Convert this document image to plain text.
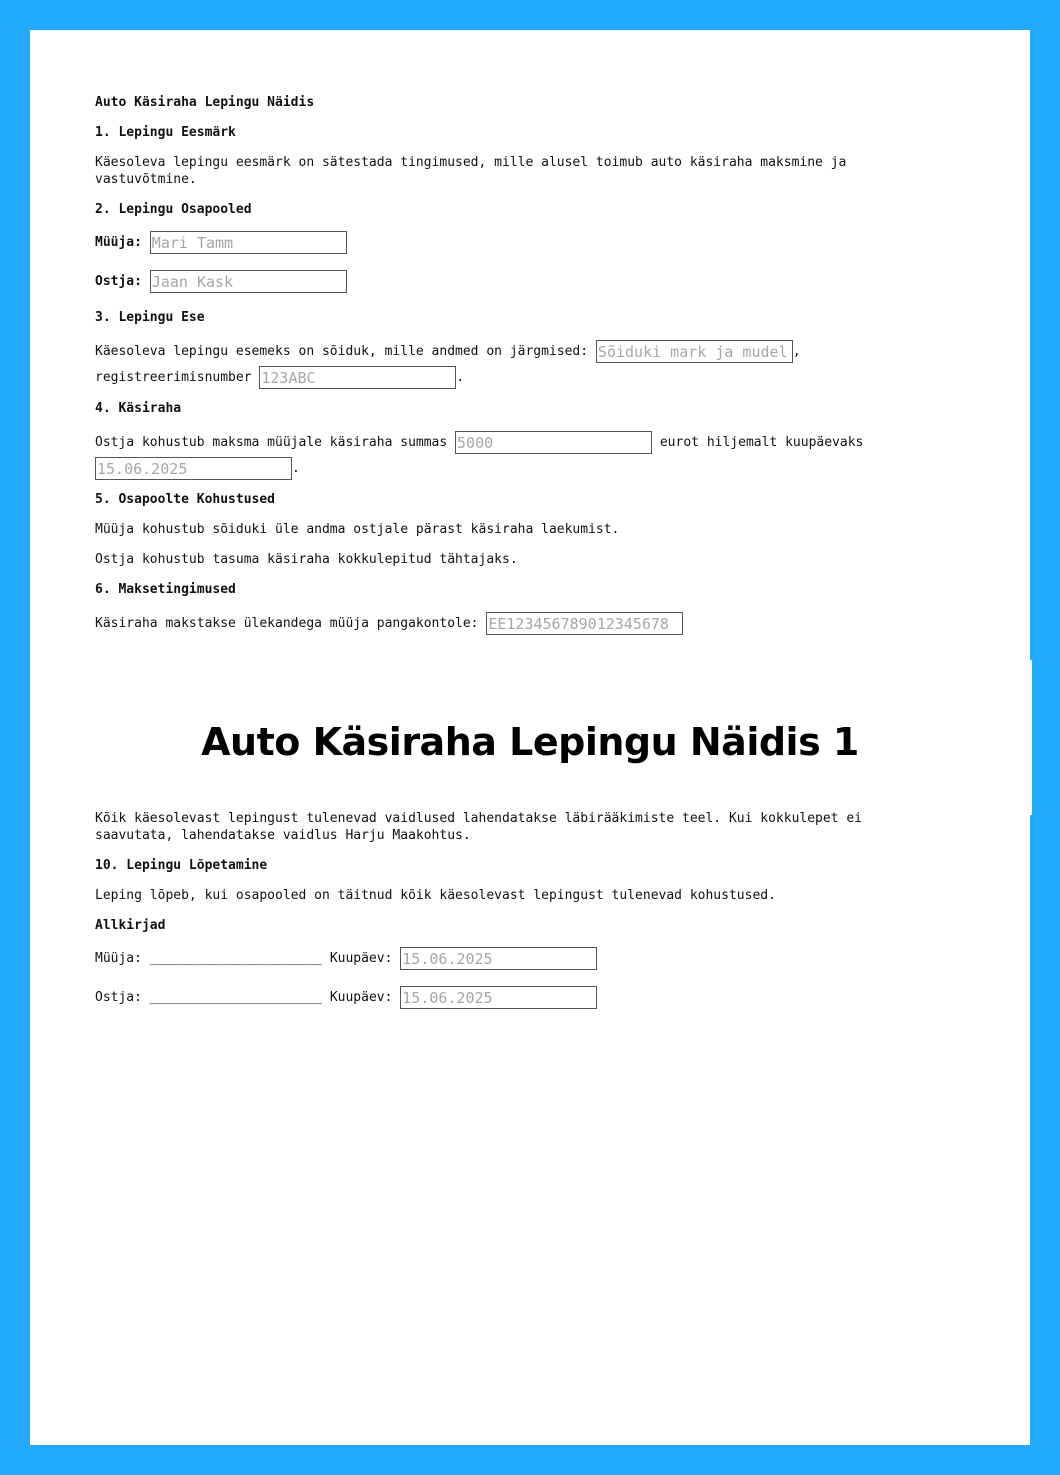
Auto Käsiraha Lepingu Näidis

1. Lepingu Eesmärk

Käesoleva lepingu eesmärk on sätestada tingimused, mille alusel toimub auto käsiraha maksmine ja vastuvõtmine.

2. Lepingu Osapooled

Müüja: Mari Tamm
Ostja: Jaan Kask

3. Lepingu Ese

Käesoleva lepingu esemeks on sõiduk, mille andmed on järgmised: Sõiduki mark ja mudel	,
registreerimisnumber 123ABC	.

4. Käsiraha

Ostja kohustub maksma müüjale käsiraha summas 5000	eurot hiljemalt kuupäevaks
15.06.2025.

5. Osapoolte Kohustused

Müüja kohustub sõiduki üle andma ostjale pärast käsiraha laekumist.

Ostja kohustub tasuma käsiraha kokkulepitud tähtajaks.

6. Maksetingimused

Käsiraha makstakse ülekandega müüja pangakontole: EE123456789012345678

Auto Käsiraha Lepingu Näidis 1

Kõik käesolevast lepingust tulenevad vaidlused lahendatakse läbirääkimiste teel. Kui kokkulepet ei saavutata, lahendatakse vaidlus Harju Maakohtus.

10. Lepingu Lõpetamine

Leping lõpeb, kui osapooled on täitnud kõik käesolevast lepingust tulenevad kohustused.

Allkirjad

Müüja: ______________________ Kuupäev: 15.06.2025
Ostja: ______________________ Kuupäev: 15.06.2025
